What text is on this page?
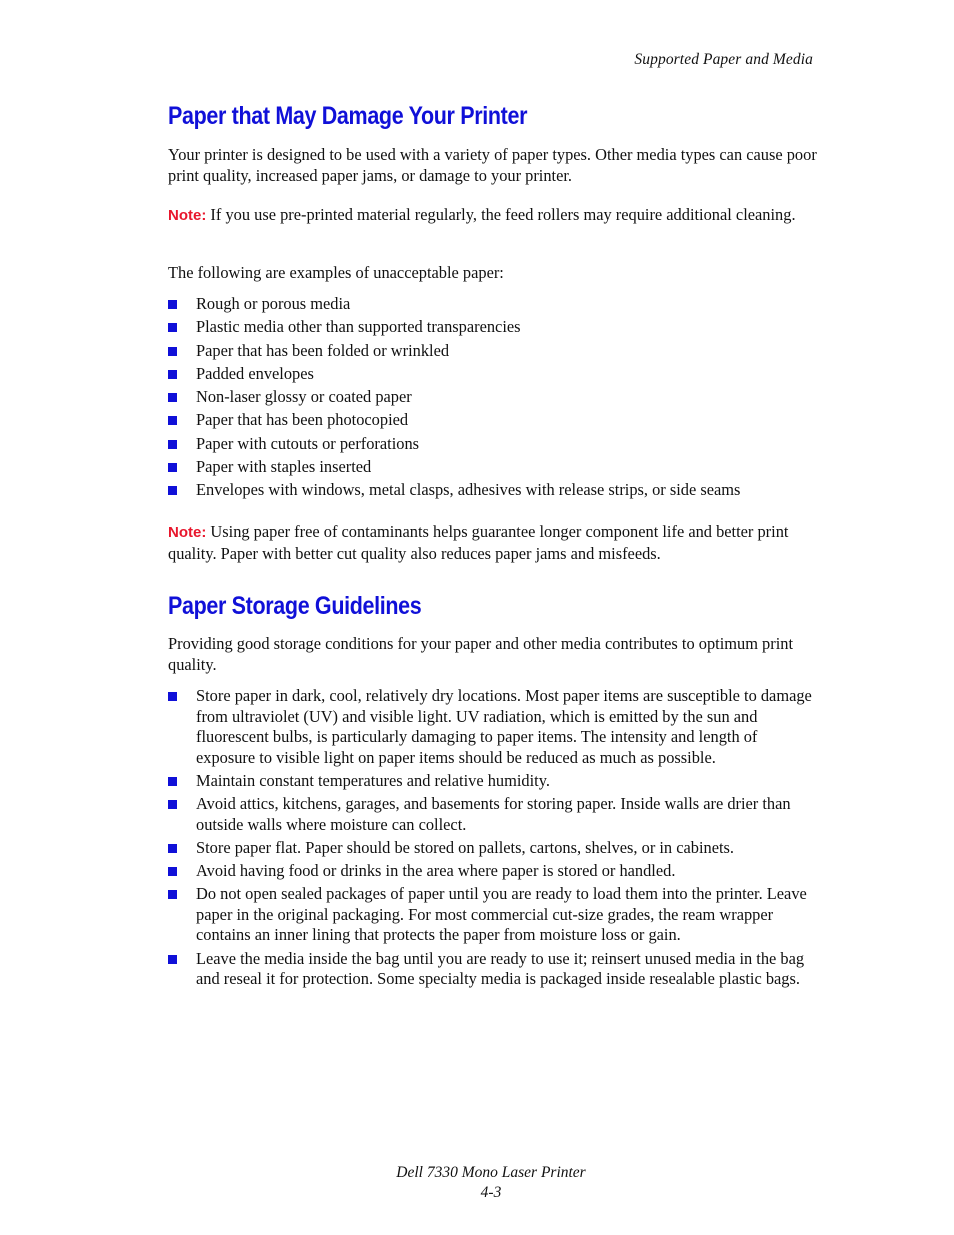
Supported Paper and Media
Paper that May Damage Your Printer

Your printer is designed to be used with a variety of paper types. Other media types can cause poor print quality, increased paper jams, or damage to your printer.

Note: If you use pre-printed material regularly, the feed rollers may require additional cleaning.

The following are examples of unacceptable paper:

Rough or porous media
Plastic media other than supported transparencies
Paper that has been folded or wrinkled
Padded envelopes
Non-laser glossy or coated paper
Paper that has been photocopied
Paper with cutouts or perforations
Paper with staples inserted
Envelopes with windows, metal clasps, adhesives with release strips, or side seams

Note: Using paper free of contaminants helps guarantee longer component life and better print quality. Paper with better cut quality also reduces paper jams and misfeeds.

Paper Storage Guidelines

Providing good storage conditions for your paper and other media contributes to optimum print quality.

Store paper in dark, cool, relatively dry locations. Most paper items are susceptible to damage from ultraviolet (UV) and visible light. UV radiation, which is emitted by the sun and fluorescent bulbs, is particularly damaging to paper items. The intensity and length of exposure to visible light on paper items should be reduced as much as possible.
Maintain constant temperatures and relative humidity.
Avoid attics, kitchens, garages, and basements for storing paper. Inside walls are drier than outside walls where moisture can collect.
Store paper flat. Paper should be stored on pallets, cartons, shelves, or in cabinets.
Avoid having food or drinks in the area where paper is stored or handled.
Do not open sealed packages of paper until you are ready to load them into the printer. Leave paper in the original packaging. For most commercial cut-size grades, the ream wrapper contains an inner lining that protects the paper from moisture loss or gain.
Leave the media inside the bag until you are ready to use it; reinsert unused media in the bag and reseal it for protection. Some specialty media is packaged inside resealable plastic bags.
Dell 7330 Mono Laser Printer
4-3
